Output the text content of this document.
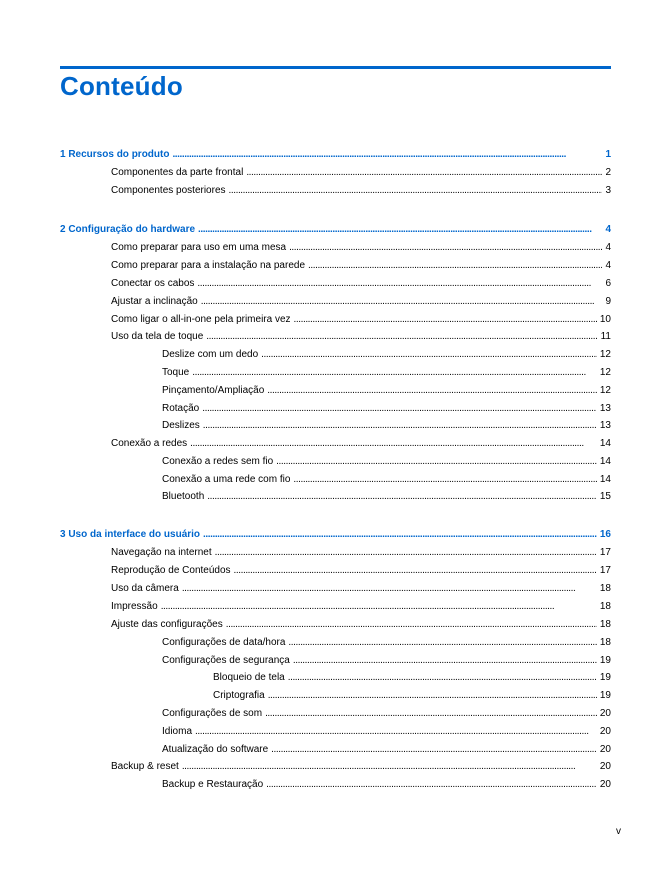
Conteúdo
1 Recursos do produto . . .	1
Componentes da parte frontal . . .	2
Componentes posteriores . . .	3
2 Configuração do hardware . . .	4
Como preparar para uso em uma mesa . . .	4
Como preparar para a instalação na parede . . .	4
Conectar os cabos . . .	6
Ajustar a inclinação . . .	9
Como ligar o all-in-one pela primeira vez . . .	10
Uso da tela de toque . . .	11
Deslize com um dedo . . .	12
Toque . . .	12
Pinçamento/Ampliação . . .	12
Rotação . . .	13
Deslizes . . .	13
Conexão a redes . . .	14
Conexão a redes sem fio . . .	14
Conexão a uma rede com fio . . .	14
Bluetooth . . .	15
3 Uso da interface do usuário . . .	16
Navegação na internet . . .	17
Reprodução de Conteúdos . . .	17
Uso da câmera . . .	18
Impressão . . .	18
Ajuste das configurações . . .	18
Configurações de data/hora . . .	18
Configurações de segurança . . .	19
Bloqueio de tela . . .	19
Criptografia . . .	19
Configurações de som . . .	20
Idioma . . .	20
Atualização do software . . .	20
Backup & reset . . .	20
Backup e Restauração . . .	20
v
